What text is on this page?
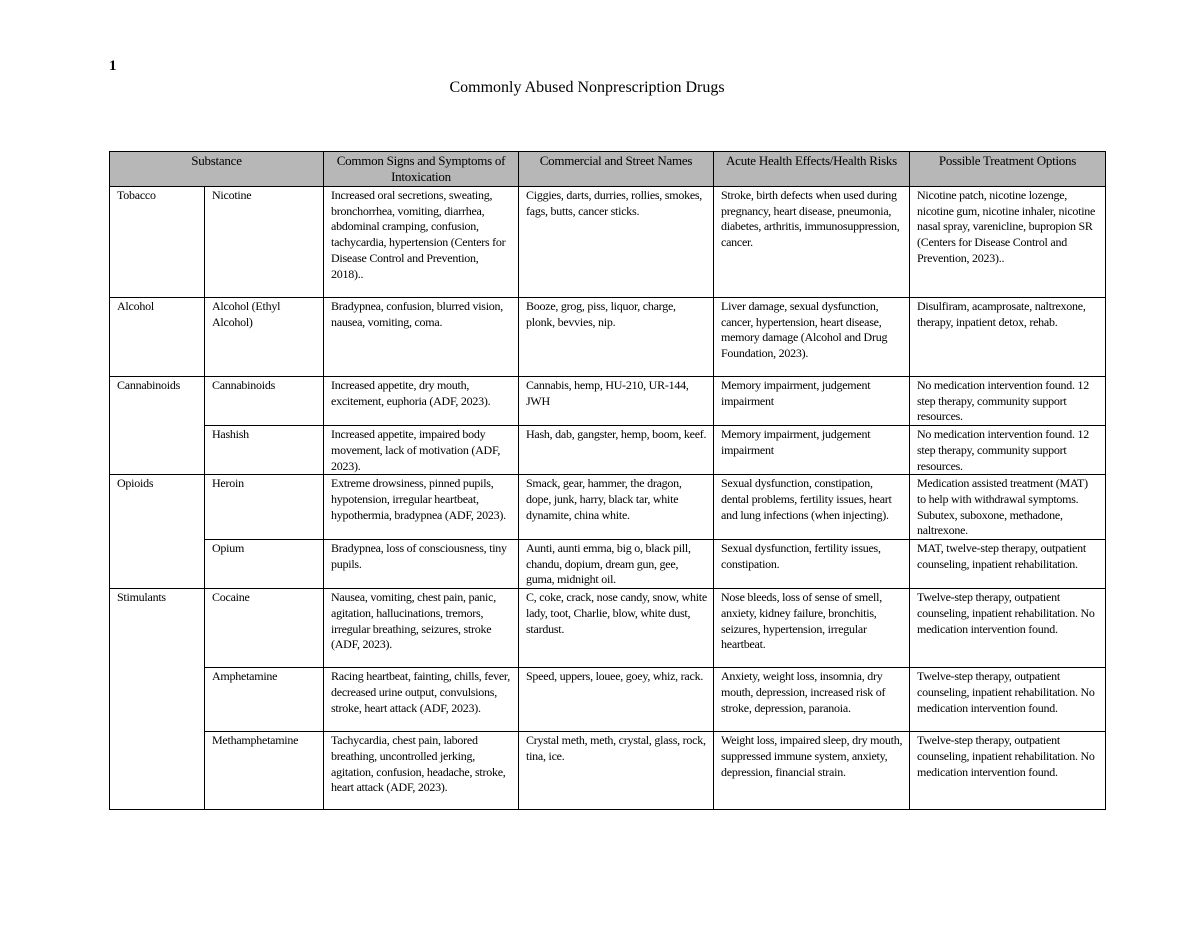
1
Commonly Abused Nonprescription Drugs
Substance		Common Signs and Symptoms of Intoxication	Commercial and Street Names	Acute Health Effects/Health Risks	Possible Treatment Options
Tobacco	Nicotine	Increased oral secretions, sweating, bronchorrhea, vomiting, diarrhea, abdominal cramping, confusion, tachycardia, hypertension (Centers for Disease Control and Prevention, 2018)..	Ciggies, darts, durries, rollies, smokes, fags, butts, cancer sticks.	Stroke, birth defects when used during pregnancy, heart disease, pneumonia, diabetes, arthritis, immunosuppression, cancer.	Nicotine patch, nicotine lozenge, nicotine gum, nicotine inhaler, nicotine nasal spray, varenicline, bupropion SR (Centers for Disease Control and Prevention, 2023)..
Alcohol	Alcohol (Ethyl Alcohol)	Bradypnea, confusion, blurred vision, nausea, vomiting, coma.	Booze, grog, piss, liquor, charge, plonk, bevvies, nip.	Liver damage, sexual dysfunction, cancer, hypertension, heart disease, memory damage (Alcohol and Drug Foundation, 2023).	Disulfiram, acamprosate, naltrexone, therapy, inpatient detox, rehab.
Cannabinoids	Cannabinoids	Increased appetite, dry mouth, excitement, euphoria (ADF, 2023).	Cannabis, hemp, HU-210, UR-144, JWH	Memory impairment, judgement impairment	No medication intervention found. 12 step therapy, community support resources.
	Hashish	Increased appetite, impaired body movement, lack of motivation (ADF, 2023).	Hash, dab, gangster, hemp, boom, keef.	Memory impairment, judgement impairment	No medication intervention found. 12 step therapy, community support resources.
Opioids	Heroin	Extreme drowsiness, pinned pupils, hypotension, irregular heartbeat, hypothermia, bradypnea (ADF, 2023).	Smack, gear, hammer, the dragon, dope, junk, harry, black tar, white dynamite, china white.	Sexual dysfunction, constipation, dental problems, fertility issues, heart and lung infections (when injecting).	Medication assisted treatment (MAT) to help with withdrawal symptoms. Subutex, suboxone, methadone, naltrexone.
	Opium	Bradypnea, loss of consciousness, tiny pupils.	Aunti, aunti emma, big o, black pill, chandu, dopium, dream gun, gee, guma, midnight oil.	Sexual dysfunction, fertility issues, constipation.	MAT, twelve-step therapy, outpatient counseling, inpatient rehabilitation.
Stimulants	Cocaine	Nausea, vomiting, chest pain, panic, agitation, hallucinations, tremors, irregular breathing, seizures, stroke (ADF, 2023).	C, coke, crack, nose candy, snow, white lady, toot, Charlie, blow, white dust, stardust.	Nose bleeds, loss of sense of smell, anxiety, kidney failure, bronchitis, seizures, hypertension, irregular heartbeat.	Twelve-step therapy, outpatient counseling, inpatient rehabilitation. No medication intervention found.
	Amphetamine	Racing heartbeat, fainting, chills, fever, decreased urine output, convulsions, stroke, heart attack (ADF, 2023).	Speed, uppers, louee, goey, whiz, rack.	Anxiety, weight loss, insomnia, dry mouth, depression, increased risk of stroke, depression, paranoia.	Twelve-step therapy, outpatient counseling, inpatient rehabilitation. No medication intervention found.
	Methamphetamine	Tachycardia, chest pain, labored breathing, uncontrolled jerking, agitation, confusion, headache, stroke, heart attack (ADF, 2023).	Crystal meth, meth, crystal, glass, rock, tina, ice.	Weight loss, impaired sleep, dry mouth, suppressed immune system, anxiety, depression, financial strain.	Twelve-step therapy, outpatient counseling, inpatient rehabilitation. No medication intervention found.
